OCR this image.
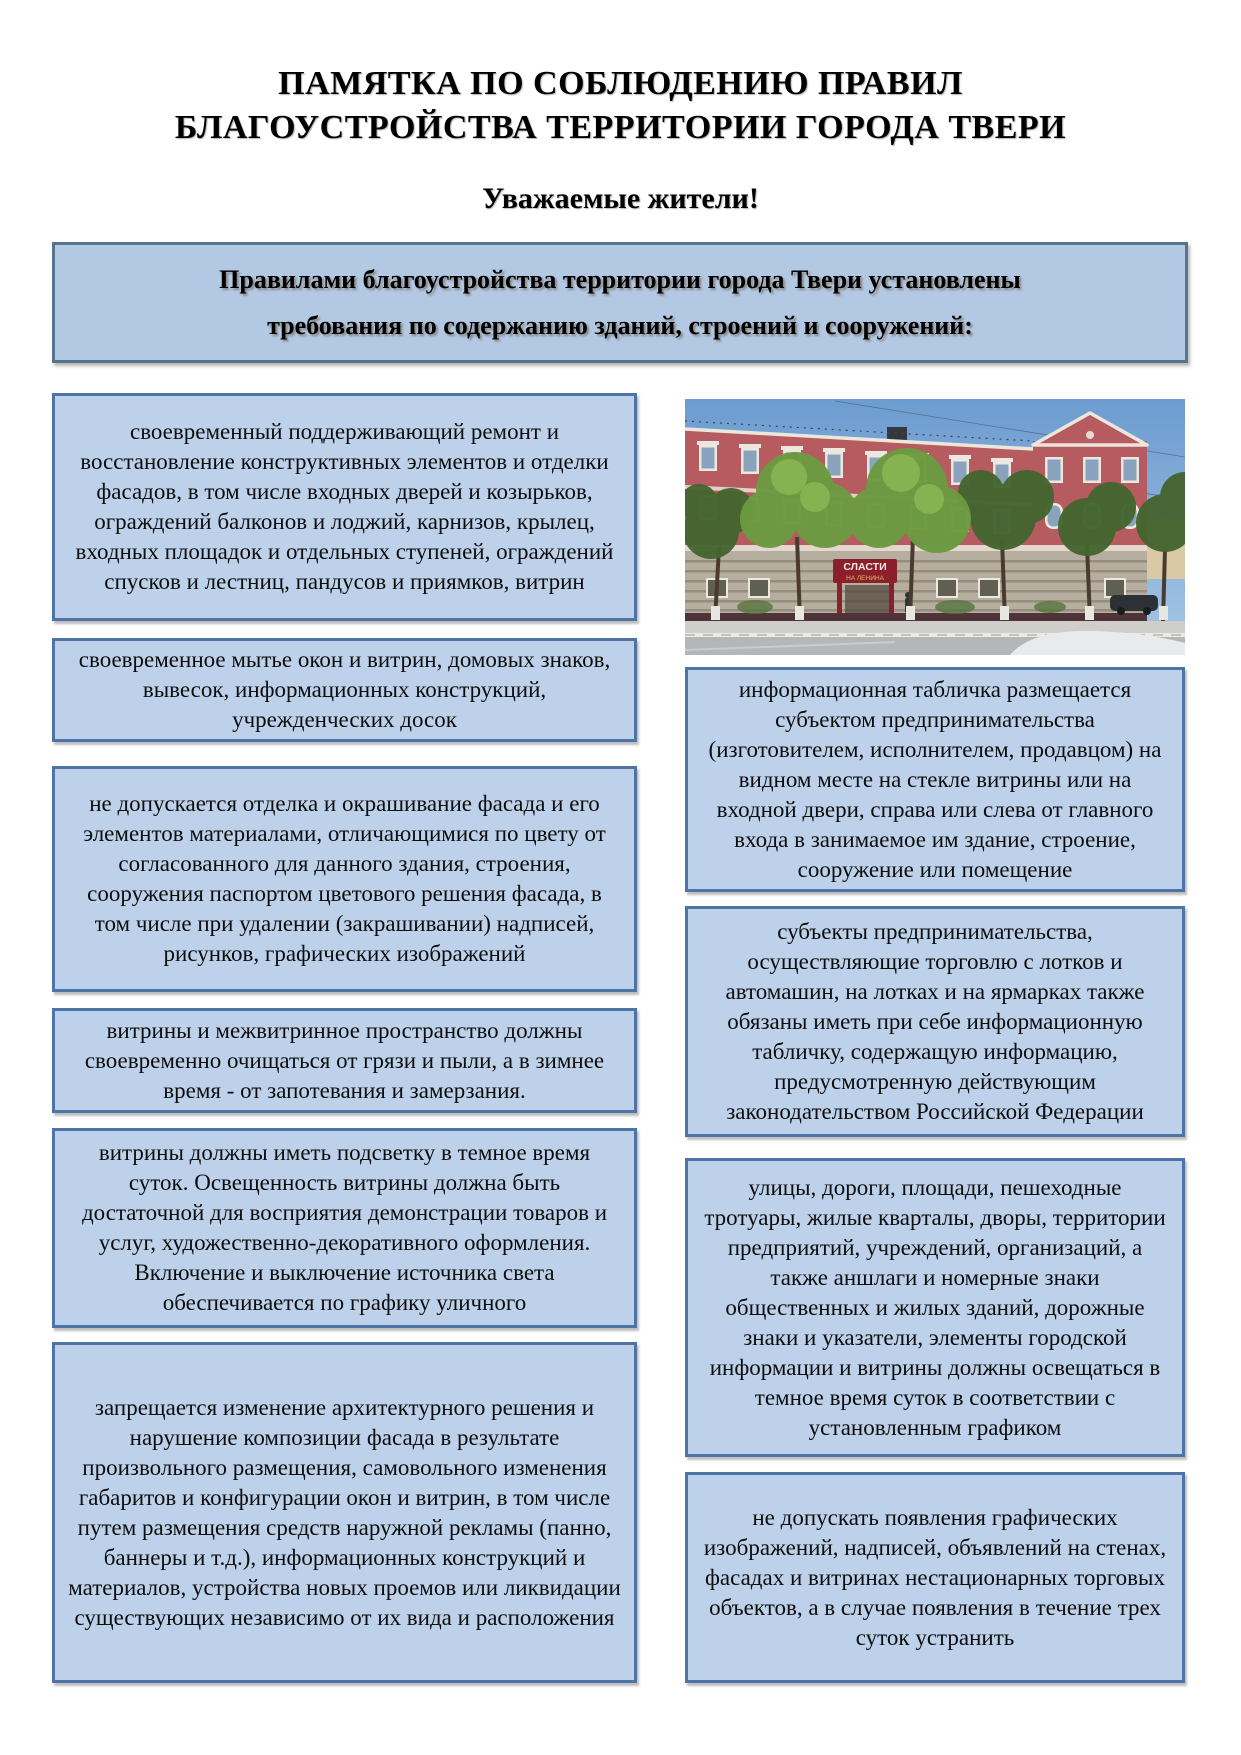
ПАМЯТКА ПО СОБЛЮДЕНИЮ ПРАВИЛ
БЛАГОУСТРОЙСТВА ТЕРРИТОРИИ ГОРОДА ТВЕРИ
Уважаемые жители!
Правилами благоустройства территории города Твери установлены
требования по содержанию зданий, строений и сооружений:

своевременный поддерживающий ремонт и восстановление конструктивных элементов и отделки фасадов, в том числе входных дверей и козырьков, ограждений балконов и лоджий, карнизов, крылец, входных площадок и отдельных ступеней, ограждений спусков и лестниц, пандусов и приямков, витрин

своевременное мытье окон и витрин, домовых знаков, вывесок, информационных конструкций, учрежденческих досок

не допускается отделка и окрашивание фасада и его элементов материалами, отличающимися по цвету от согласованного для данного здания, строения, сооружения паспортом цветового решения фасада, в том числе при удалении (закрашивании) надписей, рисунков, графических изображений

витрины и межвитринное пространство должны своевременно очищаться от грязи и пыли, а в зимнее время - от запотевания и замерзания.

витрины должны иметь подсветку в темное время суток. Освещенность витрины должна быть достаточной для восприятия демонстрации товаров и услуг, художественно-декоративного оформления. Включение и выключение источника света обеспечивается по графику уличного

запрещается изменение архитектурного решения и нарушение композиции фасада в результате произвольного размещения, самовольного изменения габаритов и конфигурации окон и витрин, в том числе путем размещения средств наружной рекламы (панно, баннеры и т.д.), информационных конструкций и материалов, устройства новых проемов или ликвидации существующих независимо от их вида и расположения

СЛАСТИ
НА ЛЕНИНА

информационная табличка размещается субъектом предпринимательства (изготовителем, исполнителем, продавцом) на видном месте на стекле витрины или на входной двери, справа или слева от главного входа в занимаемое им здание, строение, сооружение или помещение

субъекты предпринимательства, осуществляющие торговлю с лотков и автомашин, на лотках и на ярмарках также обязаны иметь при себе информационную табличку, содержащую информацию, предусмотренную действующим законодательством Российской Федерации

улицы, дороги, площади, пешеходные тротуары, жилые кварталы, дворы, территории предприятий, учреждений, организаций, а также аншлаги и номерные знаки общественных и жилых зданий, дорожные знаки и указатели, элементы городской информации и витрины должны освещаться в темное время суток в соответствии с установленным графиком

не допускать появления графических изображений, надписей, объявлений на стенах, фасадах и витринах нестационарных торговых объектов, а в случае появления в течение трех суток устранить
